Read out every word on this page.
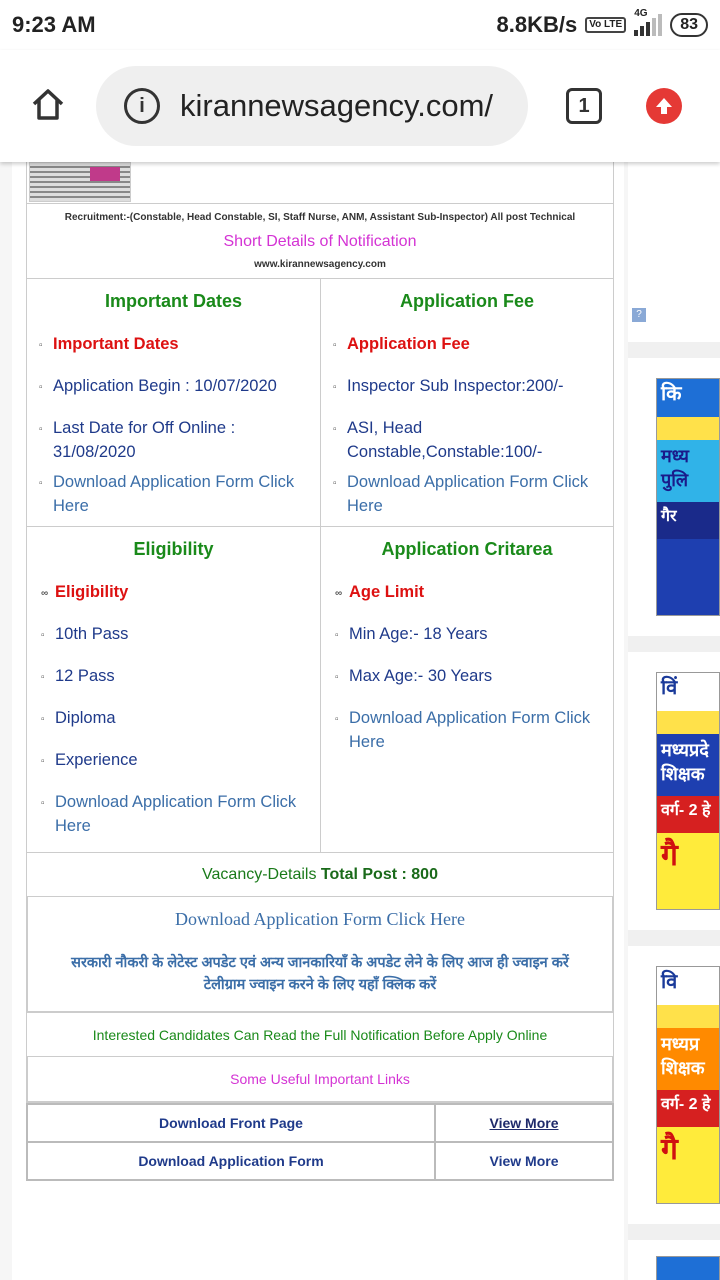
9:23 AM	8.8KB/s	Vo LTE
4G
83
i	kirannewsagency.com/	1
Recruitment:-(Constable, Head Constable, SI, Staff Nurse, ANM, Assistant Sub-Inspector) All post Technical
Short Details of Notification
www.kirannewsagency.com
Important Dates
▫ Important Dates
▫ Application Begin : 10/07/2020
▫ Last Date for Off Online : 31/08/2020
▫ Download Application Form Click Here
Application Fee
▫ Application Fee
▫ Inspector Sub Inspector:200/-
▫ ASI, Head Constable,Constable:100/-
▫ Download Application Form Click Here
Eligibility
∞ Eligibility
▫ 10th Pass
▫ 12 Pass
▫ Diploma
▫ Experience
▫ Download Application Form Click Here
Application Critarea
∞ Age Limit
▫ Min Age:- 18 Years
▫ Max Age:- 30 Years
▫ Download Application Form Click Here
Vacancy-Details Total Post : 800
Download Application Form Click Here
सरकारी नौकरी के लेटेस्ट अपडेट एवं अन्य जानकारियाँ के अपडेट लेने के लिए आज ही ज्वाइन करें
टेलीग्राम ज्वाइन करने के लिए यहाँ क्लिक करें
Interested Candidates Can Read the Full Notification Before Apply Online
Some Useful Important Links
Download Front Page	View More
Download Application Form	View More
?
कि
मध्य पुलि
गैर
विं
मध्यप्रदे शिक्षक
वर्ग- 2 हे
गै
वि
मध्यप्र शिक्षक
वर्ग- 2 हे
गै
